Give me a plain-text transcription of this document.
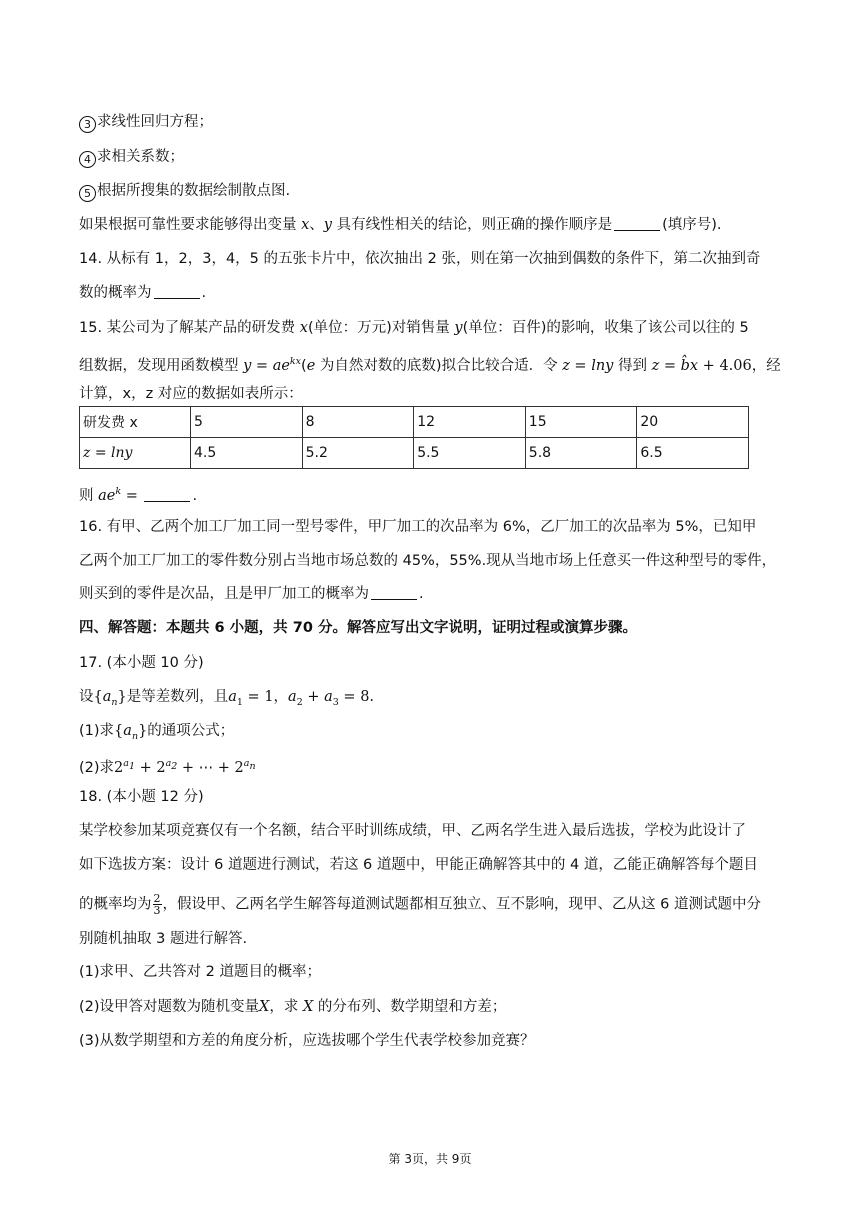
3 求线性回归方程；
4 求相关系数；
5 根据所搜集的数据绘制散点图.
如果根据可靠性要求能够得出变量 x、y 具有线性相关的结论，则正确的操作顺序是	(填序号).
14. 从标有 1，2，3，4，5 的五张卡片中，依次抽出 2 张，则在第一次抽到偶数的条件下，第二次抽到奇
数的概率为	.
15. 某公司为了解某产品的研发费 x(单位：万元)对销售量 y(单位：百件)的影响，收集了该公司以往的 5
组数据，发现用函数模型 $y = ae^{kx}(e$ 为自然对数的底数)拟合比较合适．令 z = lny 得到 z = b̂x + 4.06，经
计算，x，z 对应的数据如表所示：
研发费 x	5	8	12	15	20
z = lny	4.5	5.2	5.5	5.8	6.5
则 $ae^k$ =	.
16. 有甲、乙两个加工厂加工同一型号零件，甲厂加工的次品率为 6%，乙厂加工的次品率为 5%，已知甲
乙两个加工厂加工的零件数分别占当地市场总数的 45%，55%.现从当地市场上任意买一件这种型号的零件，
则买到的零件是次品，且是甲厂加工的概率为	.
四、解答题：本题共 6 小题，共 70 分。解答应写出文字说明，证明过程或演算步骤。
17. (本小题 10 分)
设$\{a_n\}$是等差数列，且$a_1 = 1$，$a_2 + a_3 = 8$.
(1)求$\{a_n\}$的通项公式；
(2)求$2^{a_1} + 2^{a_2}$ + ⋯ + $2^{a_n}$
18. (本小题 12 分)
某学校参加某项竞赛仅有一个名额，结合平时训练成绩，甲、乙两名学生进入最后选拔，学校为此设计了
如下选拔方案：设计 6 道题进行测试，若这 6 道题中，甲能正确解答其中的 4 道，乙能正确解答每个题目
的概率均为 $\frac{2}{3}$ ，假设甲、乙两名学生解答每道测试题都相互独立、互不影响，现甲、乙从这 6 道测试题中分
别随机抽取 3 题进行解答.
(1)求甲、乙共答对 2 道题目的概率；
(2)设甲答对题数为随机变量X，求 X 的分布列、数学期望和方差；
(3)从数学期望和方差的角度分析，应选拔哪个学生代表学校参加竞赛？
第 3页，共 9页
